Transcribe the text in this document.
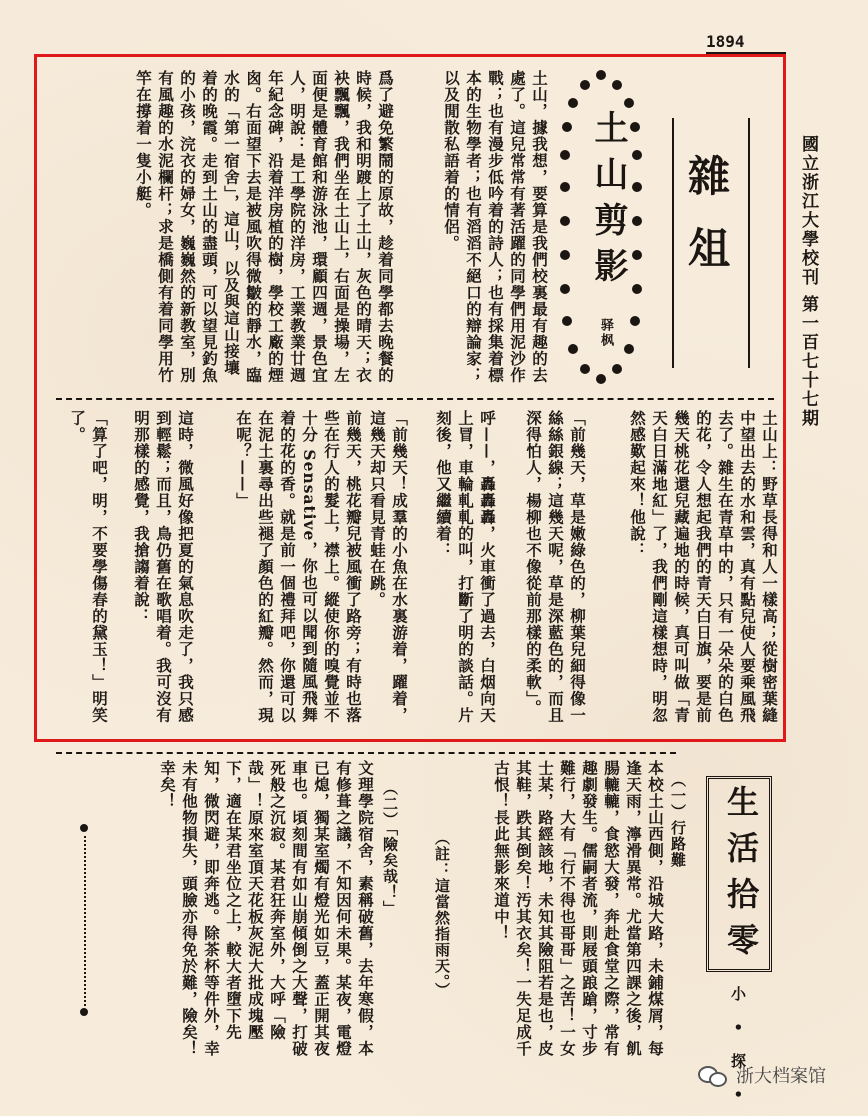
1894
國立浙江大學校刊 第一百七十七期
雜俎
土山剪影
驿枫
土山，據我想，要算是我們校裏最有趣的去處了。這兒常常有著活躍的同學們用泥沙作戰；也有漫步低吟着的詩人；也有採集着標本的生物學者；也有滔滔不絕口的辯論家；以及閒散私語着的情侶。
爲了避免繁鬧的原故，趁着同學都去晚餐的時候，我和明踱上了土山，灰色的晴天；衣袂飄飄，我們坐在土山上，右面是操場，左面便是體育館和游泳池，環顧四週，景色宜人，明說：是工學院的洋房，工業教業廿週年紀念碑，沿着洋房植的樹，學校工廠的煙囪。右面望下去是被風吹得微皺的靜水，臨水的「第一宿舍」，這山，以及與這山接壤着的晚霞。走到土山的盡頭，可以望見釣魚的小孩，浣衣的婦女，巍巍然的新教室，別有風趣的水泥欄杆；求是橋側有着同學用竹竿在撐着一隻小艇。
土山上：野草長得和人一樣高；從樹密葉縫中望出去的水和雲，真有點兒使人要乘風飛去了。雜生在青草中的，只有一朵朵的白色的花，令人想起我們的青天白日旗，要是前幾天桃花還兒藏遍地的時候，真可叫做「青天白日滿地紅」了，我們剛這樣想時，明忽然感歎起來！他說：
「前幾天，草是嫩綠色的，柳葉兒細得像一絲絲銀線；這幾天呢，草是深藍色的，而且深得怕人，楊柳也不像從前那樣的柔軟」。
呼——，轟轟轟，火車衝了過去，白烟向天上冒，車輪軋軋的叫，打斷了明的談話。片刻後，他又繼續着：
「前幾天！成羣的小魚在水裏游着，躍着，這幾天却只看見青蛙在跳。
前幾天，桃花瓣兒被風衝了路旁；有時也落些在行人的髮上，襟上。縱使你的嗅覺並不十分 Sensative，你也可以聞到隨風飛舞着的花的香。就是前一個禮拜吧，你還可以在泥土裏尋出些褪了顏色的紅瓣。然而，現在呢？——」
這時，微風好像把夏的氣息吹走了，我只感到輕鬆；而且，鳥仍舊在歌唱着。我可沒有明那樣的感覺，我搶謅着說：
「算了吧，明，不要學傷春的黛玉！」明笑了。
生活拾零
小 • 探 •
（一）行路難
本校土山西側，沿城大路，未鋪煤屑，每逢天雨，濘滑異常。尤當第四課之後，飢腸轆轆，食慾大發，奔赴食堂之際，常有趣劇發生。儒嗣者流，則屐頭踉蹌，寸步難行，大有「行不得也哥哥」之苦！一女士某，路經該地，未知其險阻若是也，皮其鞋，跌其倒矣！汚其衣矣！一失足成千古恨！長此無影來道中！
（註：這當然指雨天。）
（二）「險矣哉！」
文理學院宿舍，素稱破舊，去年寒假，本有修葺之議，不知因何未果。某夜，電燈已熄，獨某室燭有燈光如豆，蓋正開其夜車也。頃刻間有如山崩傾倒之大聲，打破死般之沉寂。某君狂奔室外，大呼「險哉」！原來室頂天花板灰泥大批成塊壓下，適在某君坐位之上，較大者墮下先知，微閃避，即奔逃。除茶杯等件外，幸未有他物損失，頭臉亦得免於難，險矣！幸矣！
浙大档案馆
